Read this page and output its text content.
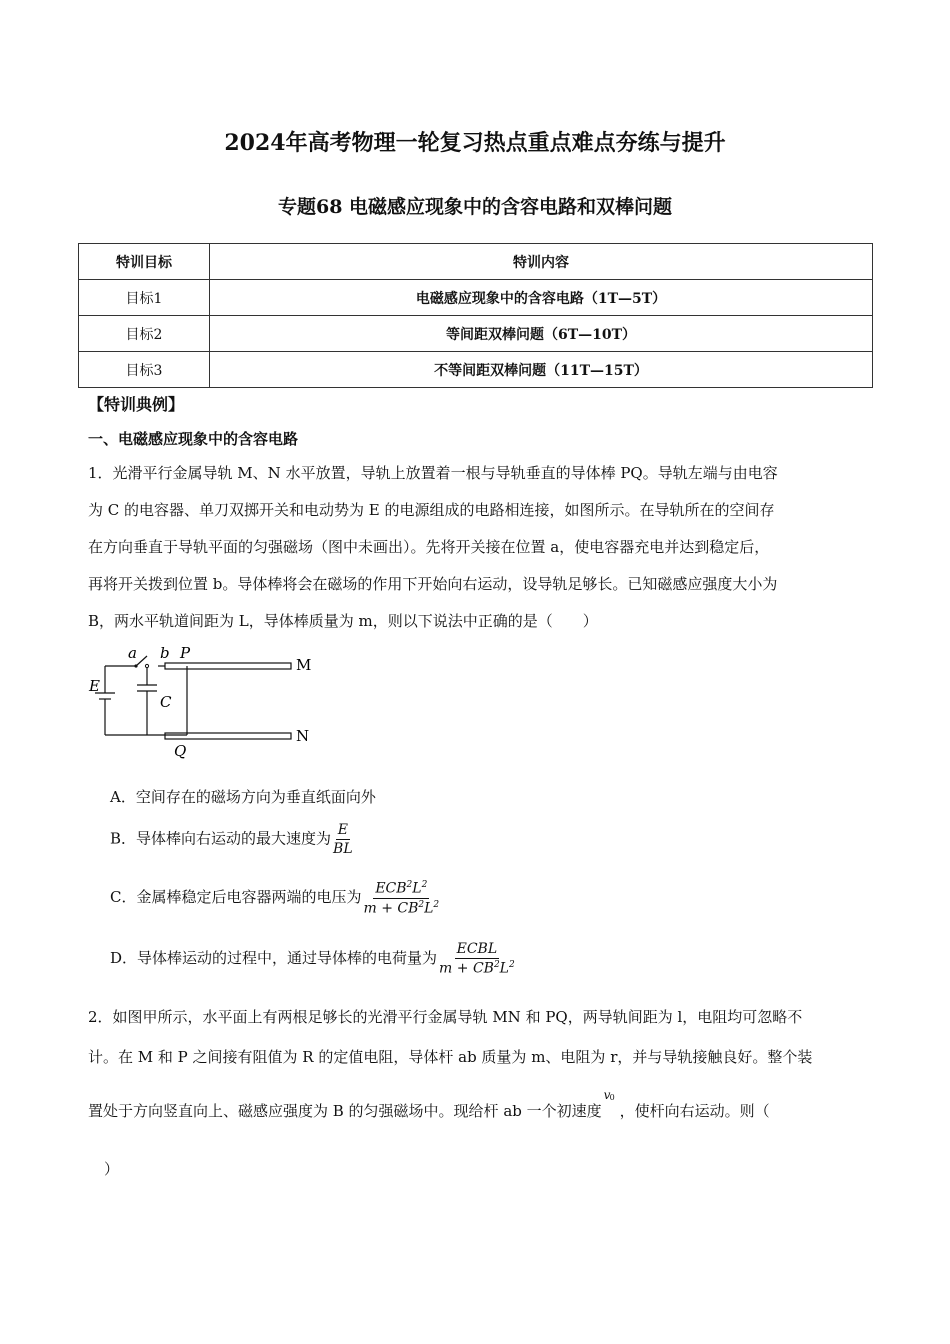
2024年高考物理一轮复习热点重点难点夯练与提升
专题68 电磁感应现象中的含容电路和双棒问题
特训目标	特训内容
目标1	电磁感应现象中的含容电路（1T—5T）
目标2	等间距双棒问题（6T—10T）
目标3	不等间距双棒问题（11T—15T）
【特训典例】
一、电磁感应现象中的含容电路
1．光滑平行金属导轨 M、N 水平放置，导轨上放置着一根与导轨垂直的导体棒 PQ。导轨左端与由电容
为 C 的电容器、单刀双掷开关和电动势为 E 的电源组成的电路相连接，如图所示。在导轨所在的空间存
在方向垂直于导轨平面的匀强磁场（图中未画出）。先将开关接在位置 a，使电容器充电并达到稳定后，
再将开关拨到位置 b。导体棒将会在磁场的作用下开始向右运动，设导轨足够长。已知磁感应强度大小为
B，两水平轨道间距为 L，导体棒质量为 m，则以下说法中正确的是（　　）
a b P
M
E
C
Q
N
A．空间存在的磁场方向为垂直纸面向外
B．导体棒向右运动的最大速度为 $\frac{E}{BL}$
C．金属棒稳定后电容器两端的电压为 $\frac{ECB^2L^2}{m + CB^2L^2}$
D．导体棒运动的过程中，通过导体棒的电荷量为 $\frac{\text{ECBL}}{m + CB^2L^2}$
2．如图甲所示，水平面上有两根足够长的光滑平行金属导轨 MN 和 PQ，两导轨间距为 l，电阻均可忽略不
计。在 M 和 P 之间接有阻值为 R 的定值电阻，导体杆 ab 质量为 m、电阻为 r，并与导轨接触良好。整个装
置处于方向竖直向上、磁感应强度为 B 的匀强磁场中。现给杆 ab 一个初速度
v 0
，使杆向右运动。则（
）
